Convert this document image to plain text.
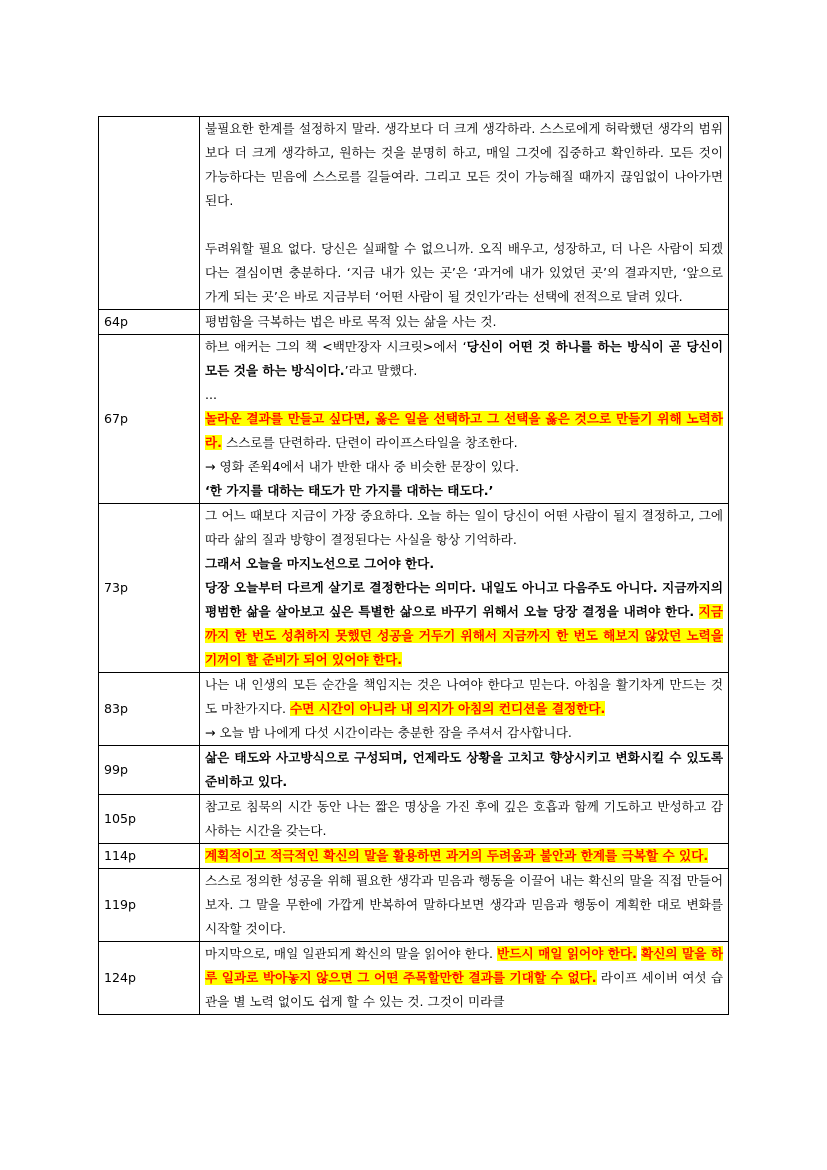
	불필요한 한계를 설정하지 말라. 생각보다 더 크게 생각하라. 스스로에게 허락했던 생각의 범위보다 더 크게 생각하고, 원하는 것을 분명히 하고, 매일 그것에 집중하고 확인하라. 모든 것이 가능하다는 믿음에 스스로를 길들여라. 그리고 모든 것이 가능해질 때까지 끊임없이 나아가면 된다.

두려워할 필요 없다. 당신은 실패할 수 없으니까. 오직 배우고, 성장하고, 더 나은 사람이 되겠다는 결심이면 충분하다. ‘지금 내가 있는 곳’은 ‘과거에 내가 있었던 곳’의 결과지만, ‘앞으로 가게 되는 곳’은 바로 지금부터 ‘어떤 사람이 될 것인가’라는 선택에 전적으로 달려 있다.

64p	평범함을 극복하는 법은 바로 목적 있는 삶을 사는 것.

67p	하브 애커는 그의 책 <백만장자 시크릿>에서 ‘당신이 어떤 것 하나를 하는 방식이 곧 당신이 모든 것을 하는 방식이다.’라고 말했다.

...

놀라운 결과를 만들고 싶다면, 옳은 일을 선택하고 그 선택을 옳은 것으로 만들기 위해 노력하라. 스스로를 단련하라. 단련이 라이프스타일을 창조한다.

→ 영화 존윅4에서 내가 반한 대사 중 비슷한 문장이 있다.

‘한 가지를 대하는 태도가 만 가지를 대하는 태도다.’

73p	그 어느 때보다 지금이 가장 중요하다. 오늘 하는 일이 당신이 어떤 사람이 될지 결정하고, 그에 따라 삶의 질과 방향이 결정된다는 사실을 항상 기억하라.

그래서 오늘을 마지노선으로 그어야 한다.

당장 오늘부터 다르게 살기로 결정한다는 의미다. 내일도 아니고 다음주도 아니다. 지금까지의 평범한 삶을 살아보고 싶은 특별한 삶으로 바꾸기 위해서 오늘 당장 결정을 내려야 한다. 지금까지 한 번도 성취하지 못했던 성공을 거두기 위해서 지금까지 한 번도 해보지 않았던 노력을 기꺼이 할 준비가 되어 있어야 한다.

83p	나는 내 인생의 모든 순간을 책임지는 것은 나여야 한다고 믿는다. 아침을 활기차게 만드는 것도 마찬가지다. 수면 시간이 아니라 내 의지가 아침의 컨디션을 결정한다.

→ 오늘 밤 나에게 다섯 시간이라는 충분한 잠을 주셔서 감사합니다.

99p	삶은 태도와 사고방식으로 구성되며, 언제라도 상황을 고치고 향상시키고 변화시킬 수 있도록 준비하고 있다.

105p	참고로 침묵의 시간 동안 나는 짧은 명상을 가진 후에 깊은 호흡과 함께 기도하고 반성하고 감사하는 시간을 갖는다.

114p	계획적이고 적극적인 확신의 말을 활용하면 과거의 두려움과 불안과 한계를 극복할 수 있다.

119p	스스로 정의한 성공을 위해 필요한 생각과 믿음과 행동을 이끌어 내는 확신의 말을 직접 만들어보자. 그 말을 무한에 가깝게 반복하여 말하다보면 생각과 믿음과 행동이 계획한 대로 변화를 시작할 것이다.

124p	마지막으로, 매일 일관되게 확신의 말을 읽어야 한다. 반드시 매일 읽어야 한다. 확신의 말을 하루 일과로 박아놓지 않으면 그 어떤 주목할만한 결과를 기대할 수 없다. 라이프 세이버 여섯 습관을 별 노력 없이도 쉽게 할 수 있는 것. 그것이 미라클
